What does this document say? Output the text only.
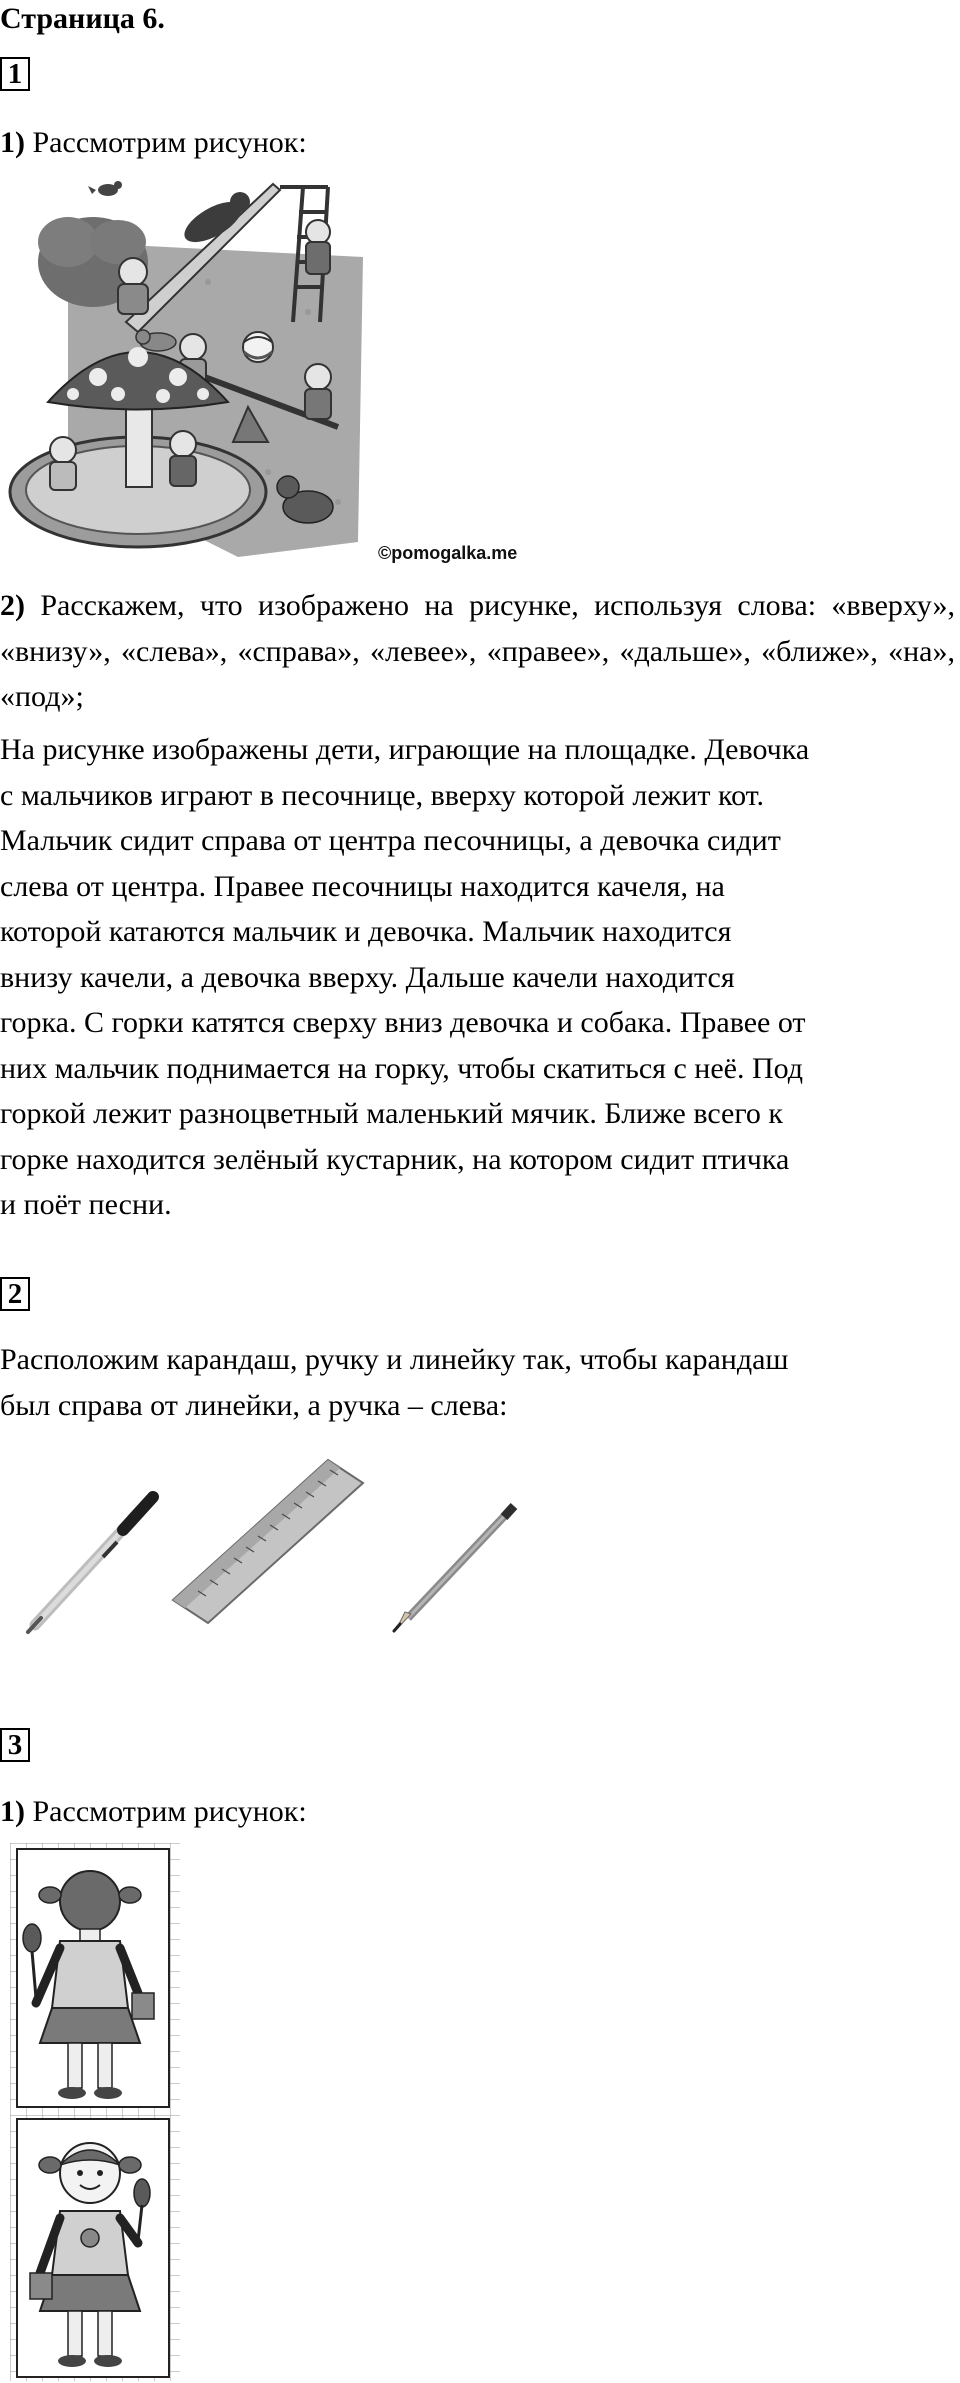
Страница 6.
1
1) Рассмотрим рисунок:
©pomogalka.me
2) Расскажем, что изображено на рисунке, используя слова: «вверху», «внизу», «слева», «справа», «левее», «правее», «дальше», «ближе», «на», «под»;
На рисунке изображены дети, играющие на площадке. Девочка
с мальчиков играют в песочнице, вверху которой лежит кот.
Мальчик сидит справа от центра песочницы, а девочка сидит
слева от центра. Правее песочницы находится качеля, на
которой катаются мальчик и девочка. Мальчик находится
внизу качели, а девочка вверху. Дальше качели находится
горка. С горки катятся сверху вниз девочка и собака. Правее от
них мальчик поднимается на горку, чтобы скатиться с неё. Под
горкой лежит разноцветный маленький мячик. Ближе всего к
горке находится зелёный кустарник, на котором сидит птичка
и поёт песни.
2
Расположим карандаш, ручку и линейку так, чтобы карандаш
был справа от линейки, а ручка – слева:
3
1) Рассмотрим рисунок:
